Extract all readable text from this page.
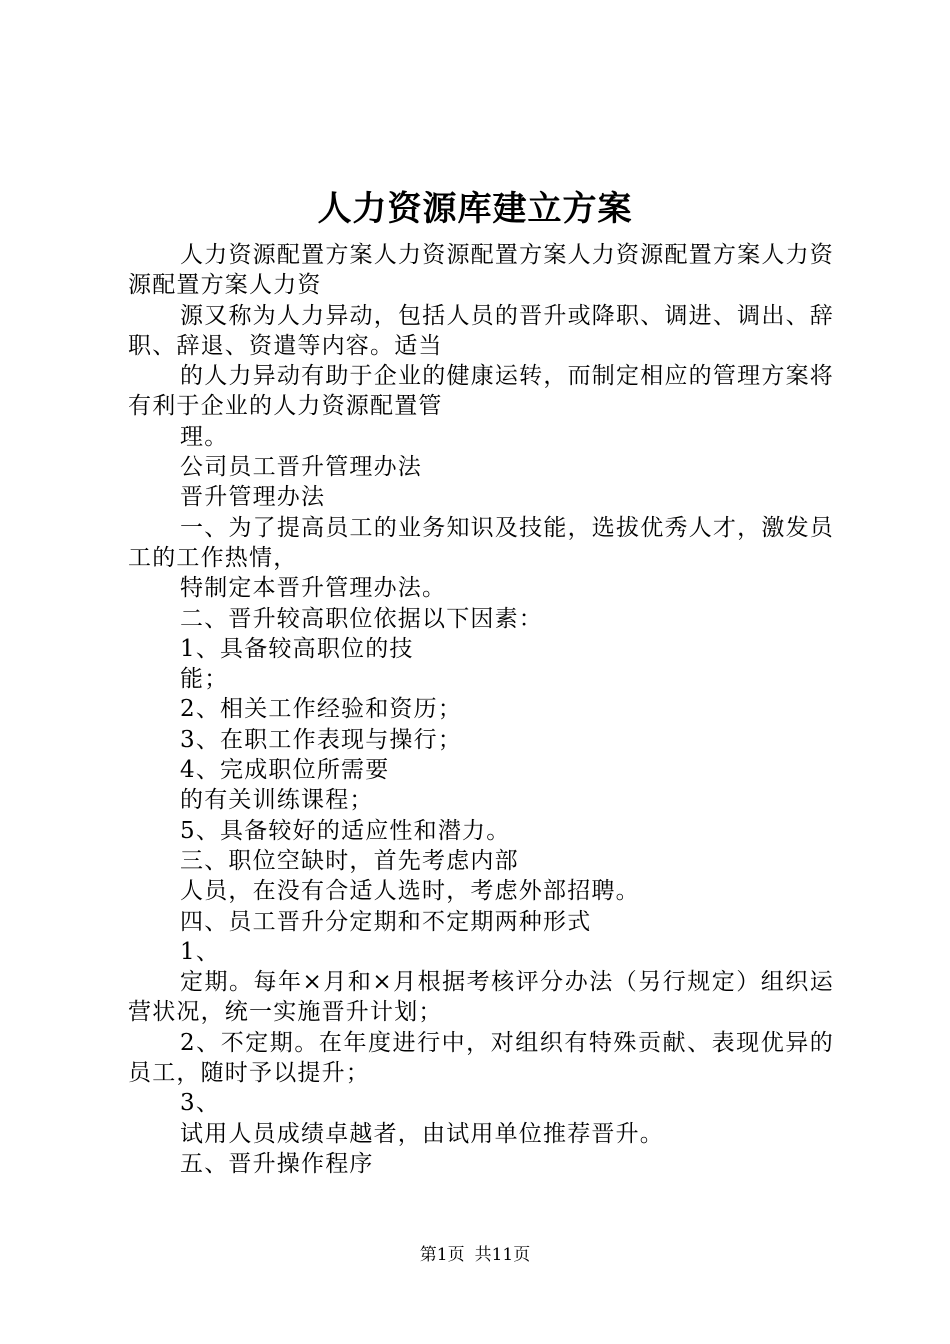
人力资源库建立方案

人力资源配置方案人力资源配置方案人力资源配置方案人力资源配置方案人力资

源又称为人力异动，包括人员的晋升或降职、调进、调出、辞职、辞退、资遣等内容。适当

的人力异动有助于企业的健康运转，而制定相应的管理方案将有利于企业的人力资源配置管

理。

公司员工晋升管理办法

晋升管理办法

一、为了提高员工的业务知识及技能，选拔优秀人才，激发员工的工作热情，

特制定本晋升管理办法。

二、晋升较高职位依据以下因素：

1、具备较高职位的技

能；

2、相关工作经验和资历；

3、在职工作表现与操行；

4、完成职位所需要

的有关训练课程；

5、具备较好的适应性和潜力。

三、职位空缺时，首先考虑内部

人员，在没有合适人选时，考虑外部招聘。

四、员工晋升分定期和不定期两种形式

1、

定期。每年×月和×月根据考核评分办法（另行规定）组织运营状况，统一实施晋升计划；

2、不定期。在年度进行中，对组织有特殊贡献、表现优异的员工，随时予以提升；

3、

试用人员成绩卓越者，由试用单位推荐晋升。

五、晋升操作程序

第1页 共11页
